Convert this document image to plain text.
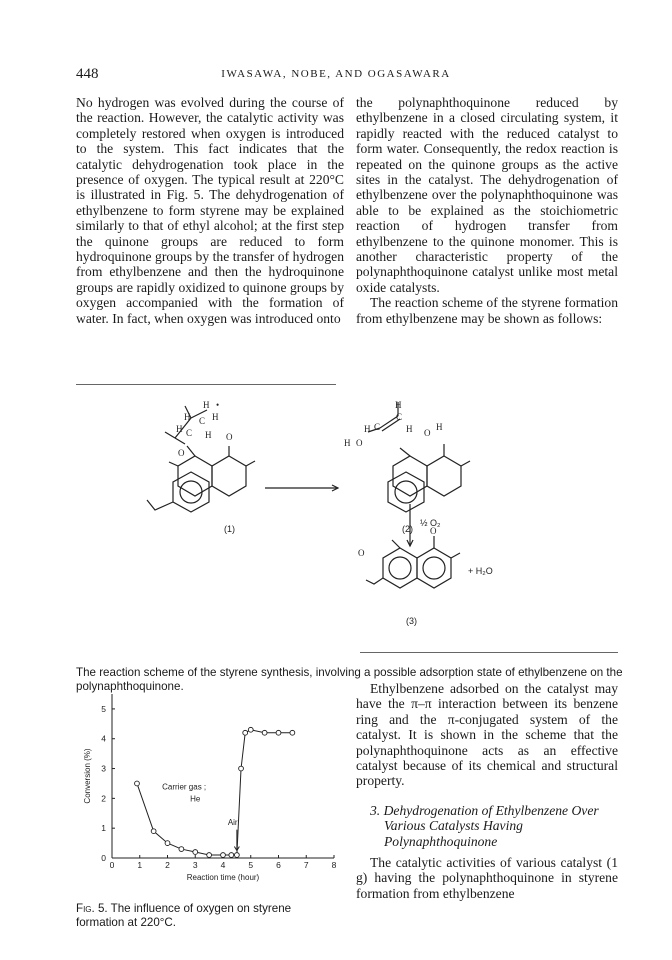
448	IWASAWA, NOBE, AND OGASAWARA

No hydrogen was evolved during the course of the reaction. However, the catalytic activity was completely restored when oxygen is introduced to the system. This fact indicates that the catalytic dehydrogenation took place in the presence of oxygen. The typical result at 220°C is illustrated in Fig. 5. The dehydrogenation of ethylbenzene to form styrene may be explained similarly to that of ethyl alcohol; at the first step the quinone groups are reduced to form hydroquinone groups by the transfer of hydrogen from ethylbenzene and then the hydroquinone groups are rapidly oxidized to quinone groups by oxygen accompanied with the formation of water. In fact, when oxygen was introduced onto

the polynaphthoquinone reduced by ethylbenzene in a closed circulating system, it rapidly reacted with the reduced catalyst to form water. Consequently, the redox reaction is repeated on the quinone groups as the active sites in the catalyst. The dehydrogenation of ethylbenzene over the polynaphthoquinone was able to be explained as the stoichiometric reaction of hydrogen transfer from ethylbenzene to the quinone monomer. This is another characteristic property of the polynaphthoquinone catalyst unlike most metal oxide catalysts.

The reaction scheme of the styrene formation from ethylbenzene may be shown as follows:

H •
H C H
H C H O
O
H
H C
C
H O
H
H O
O
O
(1)	(2)
½ O₂
+ H₂O
(3)
The reaction scheme of the styrene synthesis, involving a possible adsorption state of ethylbenzene on the polynaphthoquinone.
0	1	2	3	4	5	6	7	8
0
1
2
3
4
5
Reaction time (hour)
Conversion (%)	Carrier gas ;
He
Air
Fig. 5. The influence of oxygen on styrene formation at 220°C.

Ethylbenzene adsorbed on the catalyst may have the π–π interaction between its benzene ring and the π-conjugated system of the catalyst. It is shown in the scheme that the polynaphthoquinone acts as an effective catalyst because of its chemical and structural property.

3. Dehydrogenation of Ethylbenzene Over Various Catalysts Having Polynaphthoquinone

The catalytic activities of various catalyst (1 g) having the polynaphthoquinone in styrene formation from ethylbenzene
